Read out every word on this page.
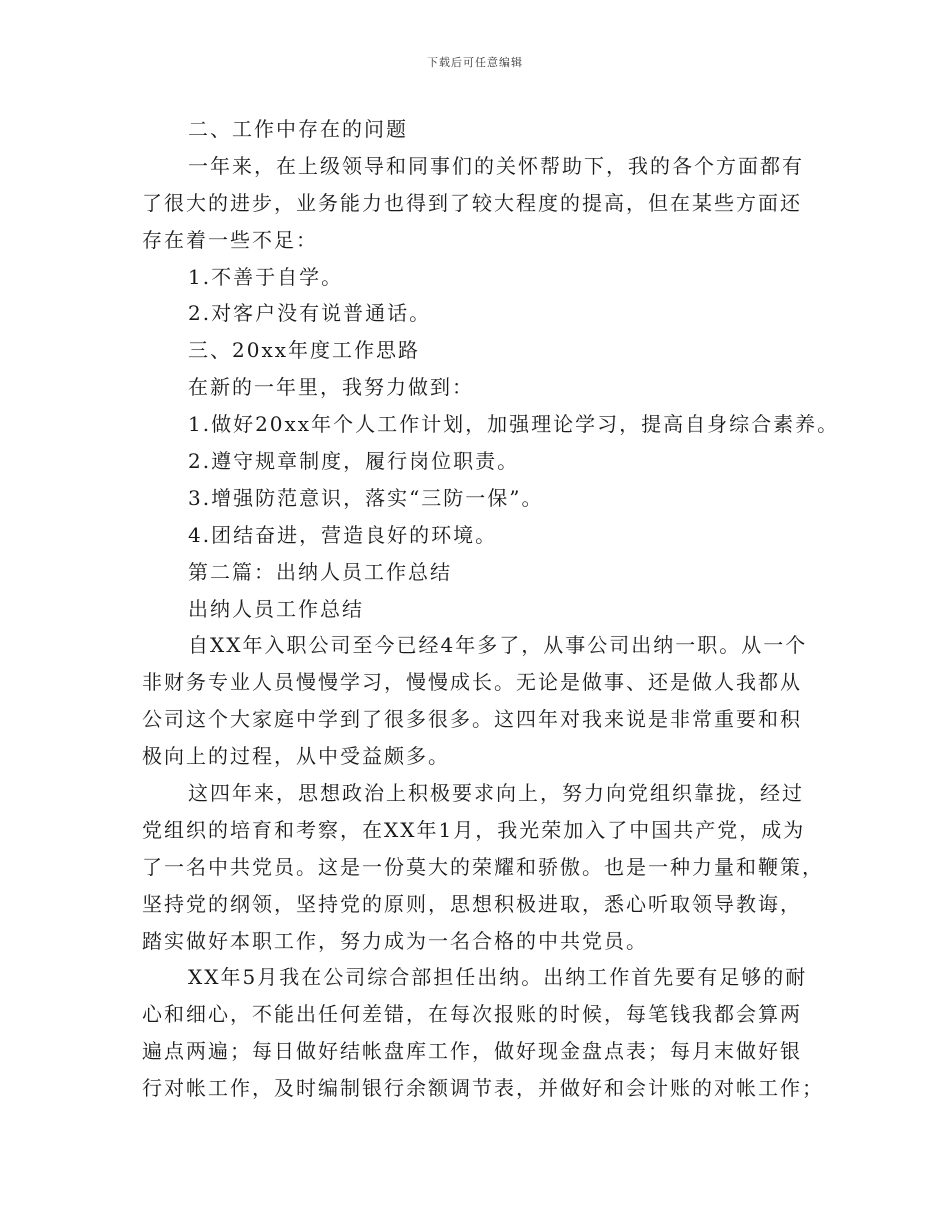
下载后可任意编辑
二、工作中存在的问题
一年来，在上级领导和同事们的关怀帮助下，我的各个方面都有
了很大的进步，业务能力也得到了较大程度的提高，但在某些方面还
存在着一些不足：
1.不善于自学。
2.对客户没有说普通话。
三、20xx年度工作思路
在新的一年里，我努力做到：
1.做好20xx年个人工作计划，加强理论学习，提高自身综合素养。
2.遵守规章制度，履行岗位职责。
3.增强防范意识，落实“三防一保”。
4.团结奋进，营造良好的环境。
第二篇：出纳人员工作总结
出纳人员工作总结
自XX年入职公司至今已经4年多了，从事公司出纳一职。从一个
非财务专业人员慢慢学习，慢慢成长。无论是做事、还是做人我都从
公司这个大家庭中学到了很多很多。这四年对我来说是非常重要和积
极向上的过程，从中受益颇多。
这四年来，思想政治上积极要求向上，努力向党组织靠拢，经过
党组织的培育和考察，在XX年1月，我光荣加入了中国共产党，成为
了一名中共党员。这是一份莫大的荣耀和骄傲。也是一种力量和鞭策，
坚持党的纲领，坚持党的原则，思想积极进取，悉心听取领导教诲，
踏实做好本职工作，努力成为一名合格的中共党员。
XX年5月我在公司综合部担任出纳。出纳工作首先要有足够的耐
心和细心，不能出任何差错，在每次报账的时候，每笔钱我都会算两
遍点两遍；每日做好结帐盘库工作，做好现金盘点表；每月末做好银
行对帐工作，及时编制银行余额调节表，并做好和会计账的对帐工作；
